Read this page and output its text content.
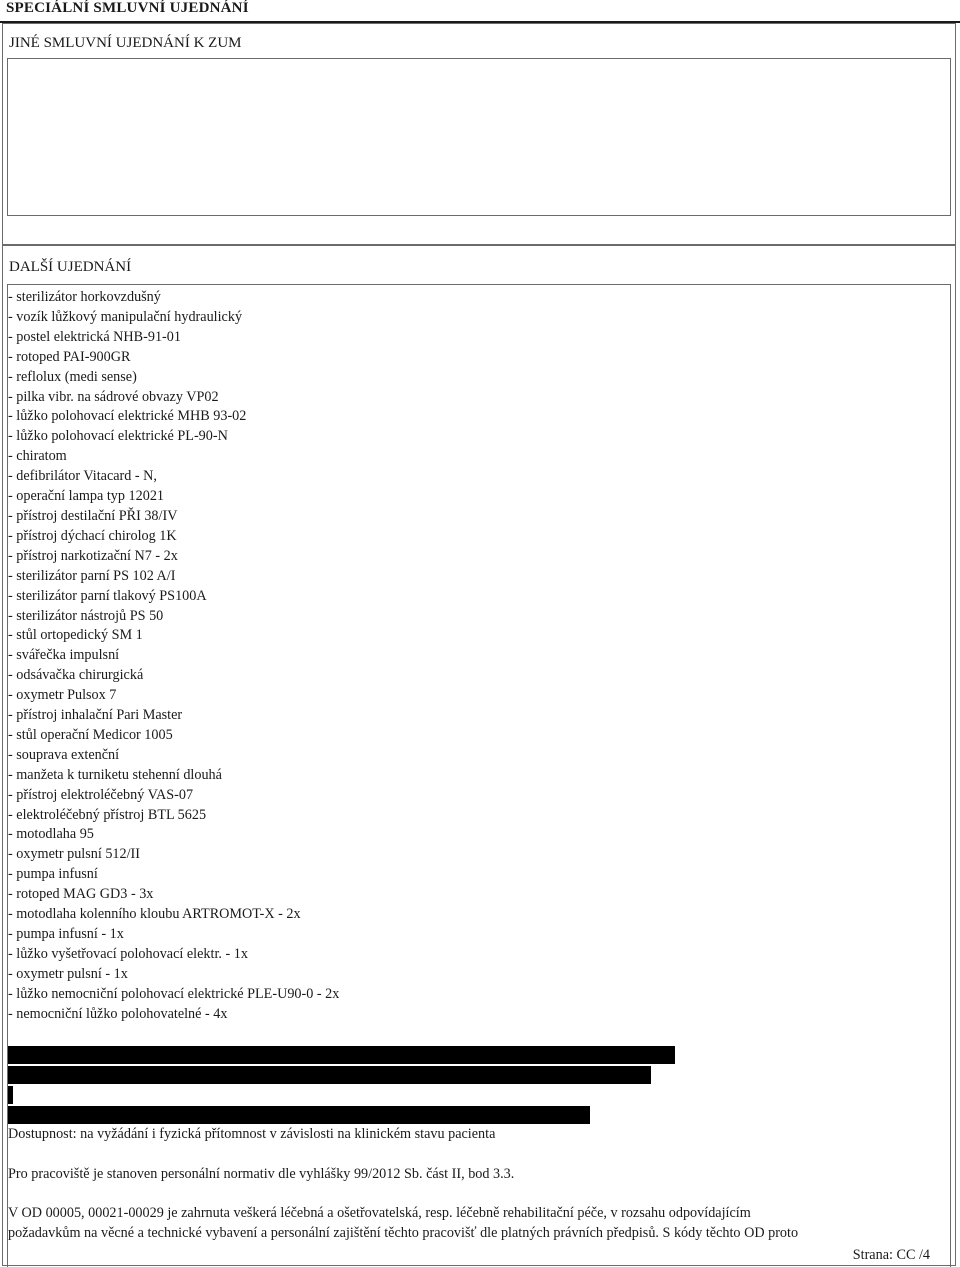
SPECIÁLNÍ SMLUVNÍ UJEDNÁNÍ
JINÉ SMLUVNÍ UJEDNÁNÍ K ZUM
DALŠÍ UJEDNÁNÍ
- sterilizátor horkovzdušný
- vozík lůžkový manipulační hydraulický
- postel elektrická NHB-91-01
- rotoped PAI-900GR
- reflolux (medi sense)
- pilka vibr. na sádrové obvazy VP02
- lůžko polohovací elektrické MHB 93-02
- lůžko polohovací elektrické PL-90-N
- chiratom
- defibrilátor Vitacard - N,
- operační lampa typ 12021
- přístroj destilační PŘI 38/IV
- přístroj dýchací chirolog 1K
- přístroj narkotizační N7 - 2x
- sterilizátor parní PS 102 A/I
- sterilizátor parní tlakový PS100A
- sterilizátor nástrojů PS 50
- stůl ortopedický SM 1
- svářečka impulsní
- odsávačka chirurgická
- oxymetr Pulsox 7
- přístroj inhalační Pari Master
- stůl operační Medicor 1005
- souprava extenční
- manžeta k turniketu stehenní dlouhá
- přístroj elektroléčebný VAS-07
- elektroléčebný přístroj BTL 5625
- motodlaha 95
- oxymetr pulsní 512/II
- pumpa infusní
- rotoped MAG GD3 - 3x
- motodlaha kolenního kloubu ARTROMOT-X - 2x
- pumpa infusní - 1x
- lůžko vyšetřovací polohovací elektr. - 1x
- oxymetr pulsní - 1x
- lůžko nemocniční polohovací elektrické PLE-U90-0 - 2x
- nemocniční lůžko polohovatelné - 4x
Dostupnost: na vyžádání i fyzická přítomnost v závislosti na klinickém stavu pacienta
Pro pracoviště je stanoven personální normativ dle vyhlášky 99/2012 Sb. část II, bod 3.3.

V OD 00005, 00021-00029 je zahrnuta veškerá léčebná a ošetřovatelská, resp. léčebně rehabilitační péče, v rozsahu odpovídajícím

požadavkům na věcné a technické vybavení a personální zajištění těchto pracovišť dle platných právních předpisů. S kódy těchto OD proto

Strana: CC /4
